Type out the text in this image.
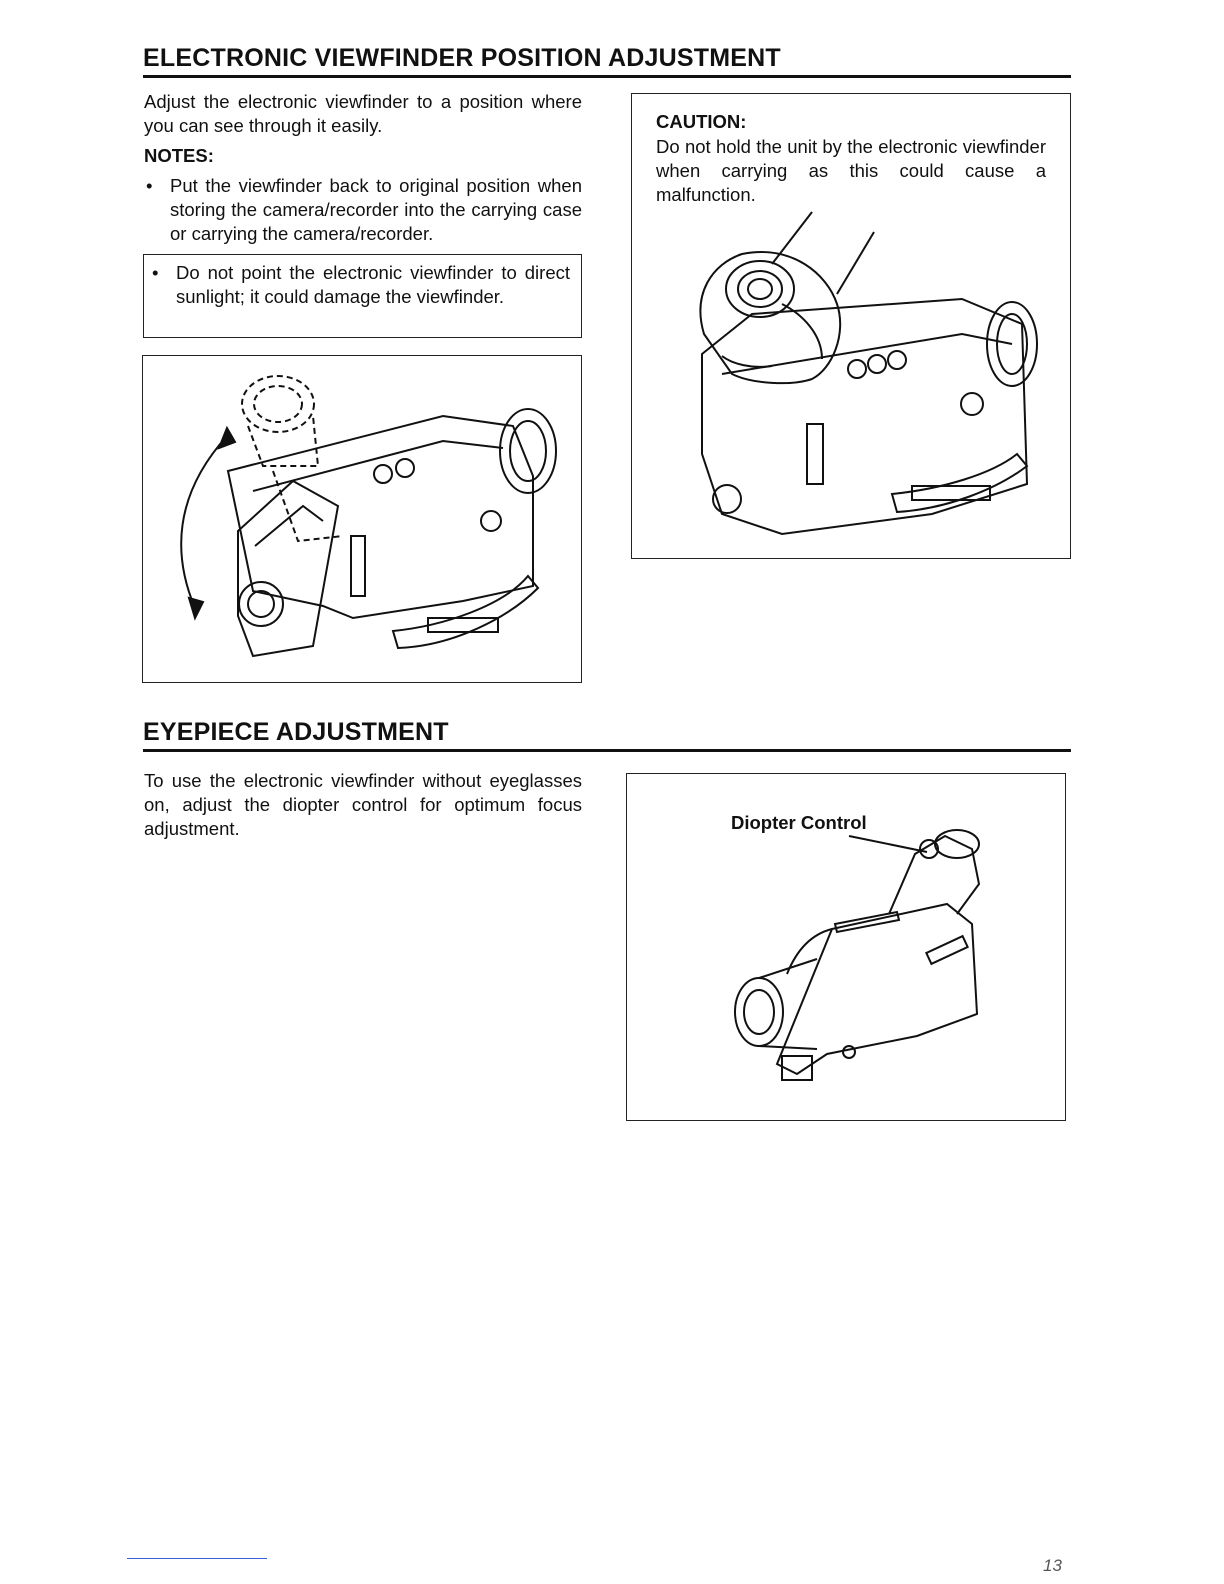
ELECTRONIC VIEWFINDER POSITION ADJUSTMENT

Adjust the electronic viewfinder to a position where you can see through it easily.

NOTES:

• Put the viewfinder back to original position when storing the camera/recorder into the carrying case or carrying the camera/recorder.
• Do not point the electronic viewfinder to direct sunlight; it could damage the viewfinder.

CAUTION:

Do not hold the unit by the electronic viewfinder when carrying as this could cause a malfunction.

EYEPIECE ADJUSTMENT

To use the electronic viewfinder without eyeglasses on, adjust the diopter control for optimum focus adjustment.	Diopter Control

13
